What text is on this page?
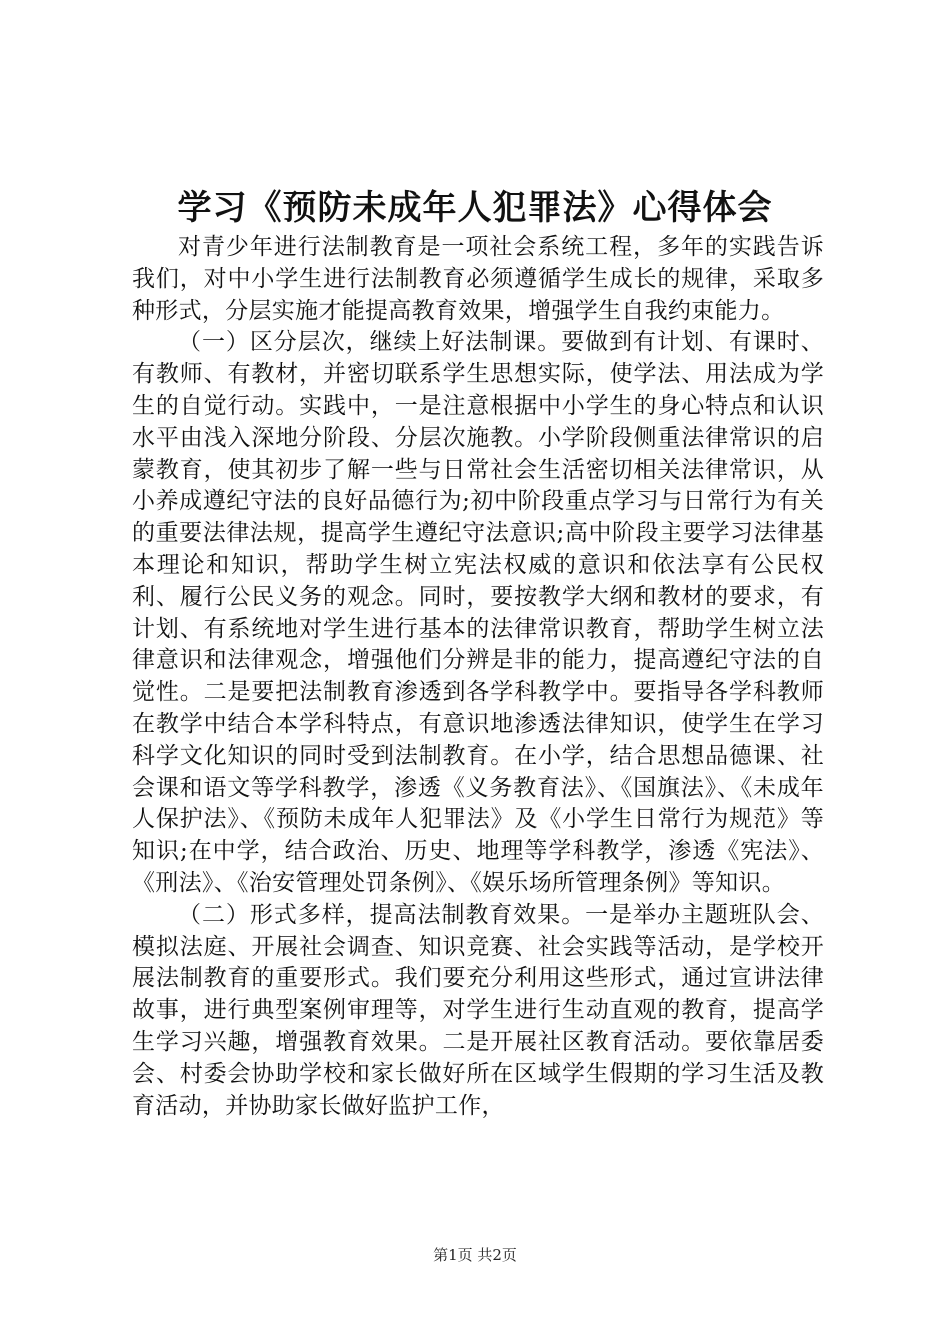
学习《预防未成年人犯罪法》心得体会

对青少年进行法制教育是一项社会系统工程，多年的实践告诉我们，对中小学生进行法制教育必须遵循学生成长的规律，采取多种形式，分层实施才能提高教育效果，增强学生自我约束能力。

（一）区分层次，继续上好法制课。要做到有计划、有课时、有教师、有教材，并密切联系学生思想实际，使学法、用法成为学生的自觉行动。实践中，一是注意根据中小学生的身心特点和认识水平由浅入深地分阶段、分层次施教。小学阶段侧重法律常识的启蒙教育，使其初步了解一些与日常社会生活密切相关法律常识，从小养成遵纪守法的良好品德行为;初中阶段重点学习与日常行为有关的重要法律法规，提高学生遵纪守法意识;高中阶段主要学习法律基本理论和知识，帮助学生树立宪法权威的意识和依法享有公民权利、履行公民义务的观念。同时，要按教学大纲和教材的要求，有计划、有系统地对学生进行基本的法律常识教育，帮助学生树立法律意识和法律观念，增强他们分辨是非的能力，提高遵纪守法的自觉性。二是要把法制教育渗透到各学科教学中。要指导各学科教师在教学中结合本学科特点，有意识地渗透法律知识，使学生在学习科学文化知识的同时受到法制教育。在小学，结合思想品德课、社会课和语文等学科教学，渗透《义务教育法》、《国旗法》、《未成年人保护法》、《预防未成年人犯罪法》及《小学生日常行为规范》等知识;在中学，结合政治、历史、地理等学科教学，渗透《宪法》、《刑法》、《治安管理处罚条例》、《娱乐场所管理条例》等知识。

（二）形式多样，提高法制教育效果。一是举办主题班队会、模拟法庭、开展社会调查、知识竞赛、社会实践等活动，是学校开展法制教育的重要形式。我们要充分利用这些形式，通过宣讲法律故事，进行典型案例审理等，对学生进行生动直观的教育，提高学生学习兴趣，增强教育效果。二是开展社区教育活动。要依靠居委会、村委会协助学校和家长做好所在区域学生假期的学习生活及教育活动，并协助家长做好监护工作，

第1页 共2页
